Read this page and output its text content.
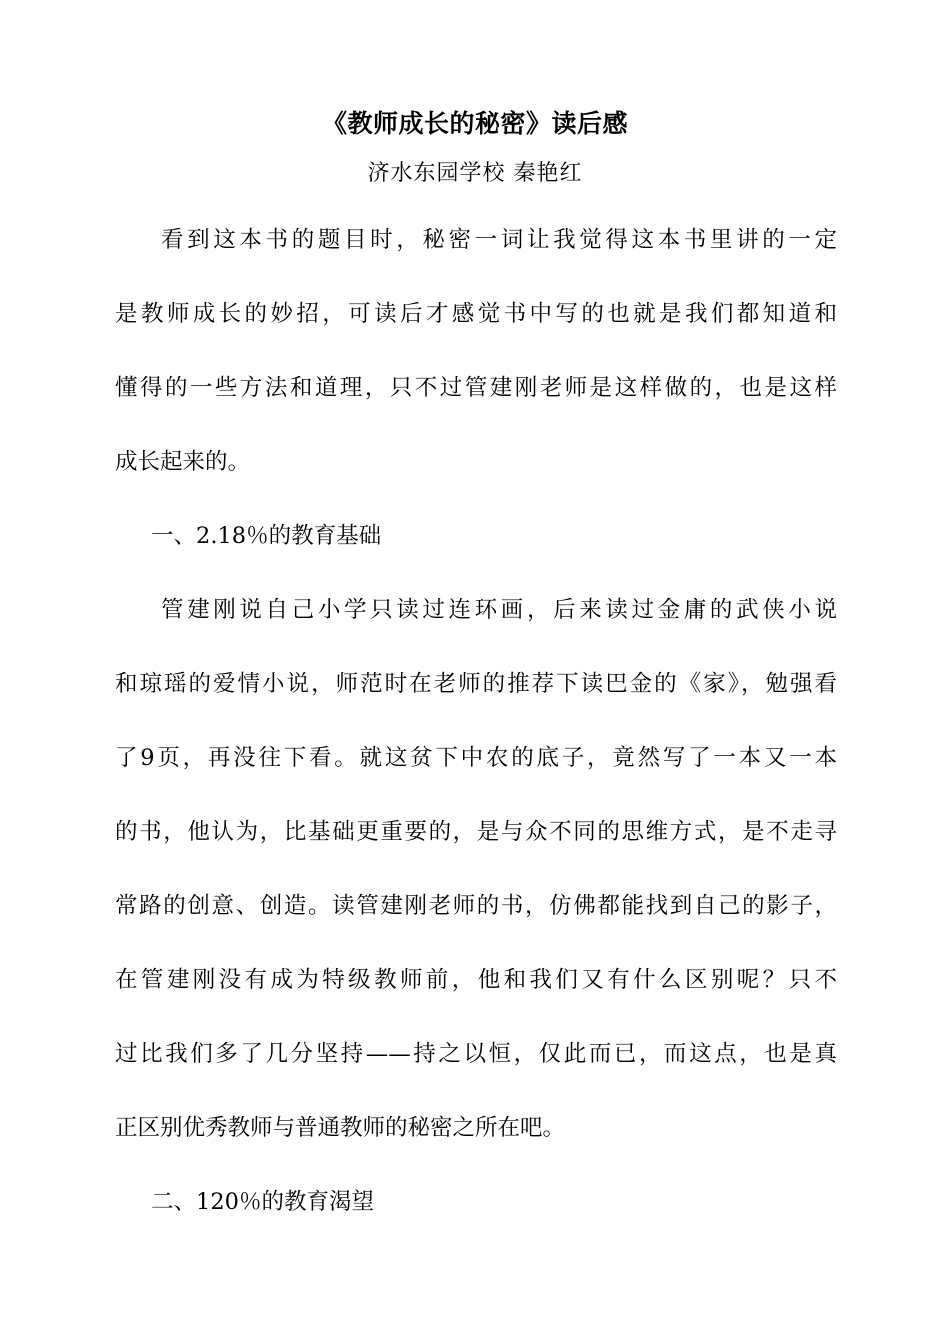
《教师成长的秘密》读后感
济水东园学校 秦艳红
看到这本书的题目时，秘密一词让我觉得这本书里讲的一定
是教师成长的妙招，可读后才感觉书中写的也就是我们都知道和
懂得的一些方法和道理，只不过管建刚老师是这样做的，也是这样
成长起来的。
一、2.18％的教育基础
管建刚说自己小学只读过连环画，后来读过金庸的武侠小说
和琼瑶的爱情小说，师范时在老师的推荐下读巴金的《家》，勉强看
了9页，再没往下看。就这贫下中农的底子，竟然写了一本又一本
的书，他认为，比基础更重要的，是与众不同的思维方式，是不走寻
常路的创意、创造。读管建刚老师的书，仿佛都能找到自己的影子，
在管建刚没有成为特级教师前，他和我们又有什么区别呢？只不
过比我们多了几分坚持——持之以恒，仅此而已，而这点，也是真
正区别优秀教师与普通教师的秘密之所在吧。
二、120％的教育渴望
